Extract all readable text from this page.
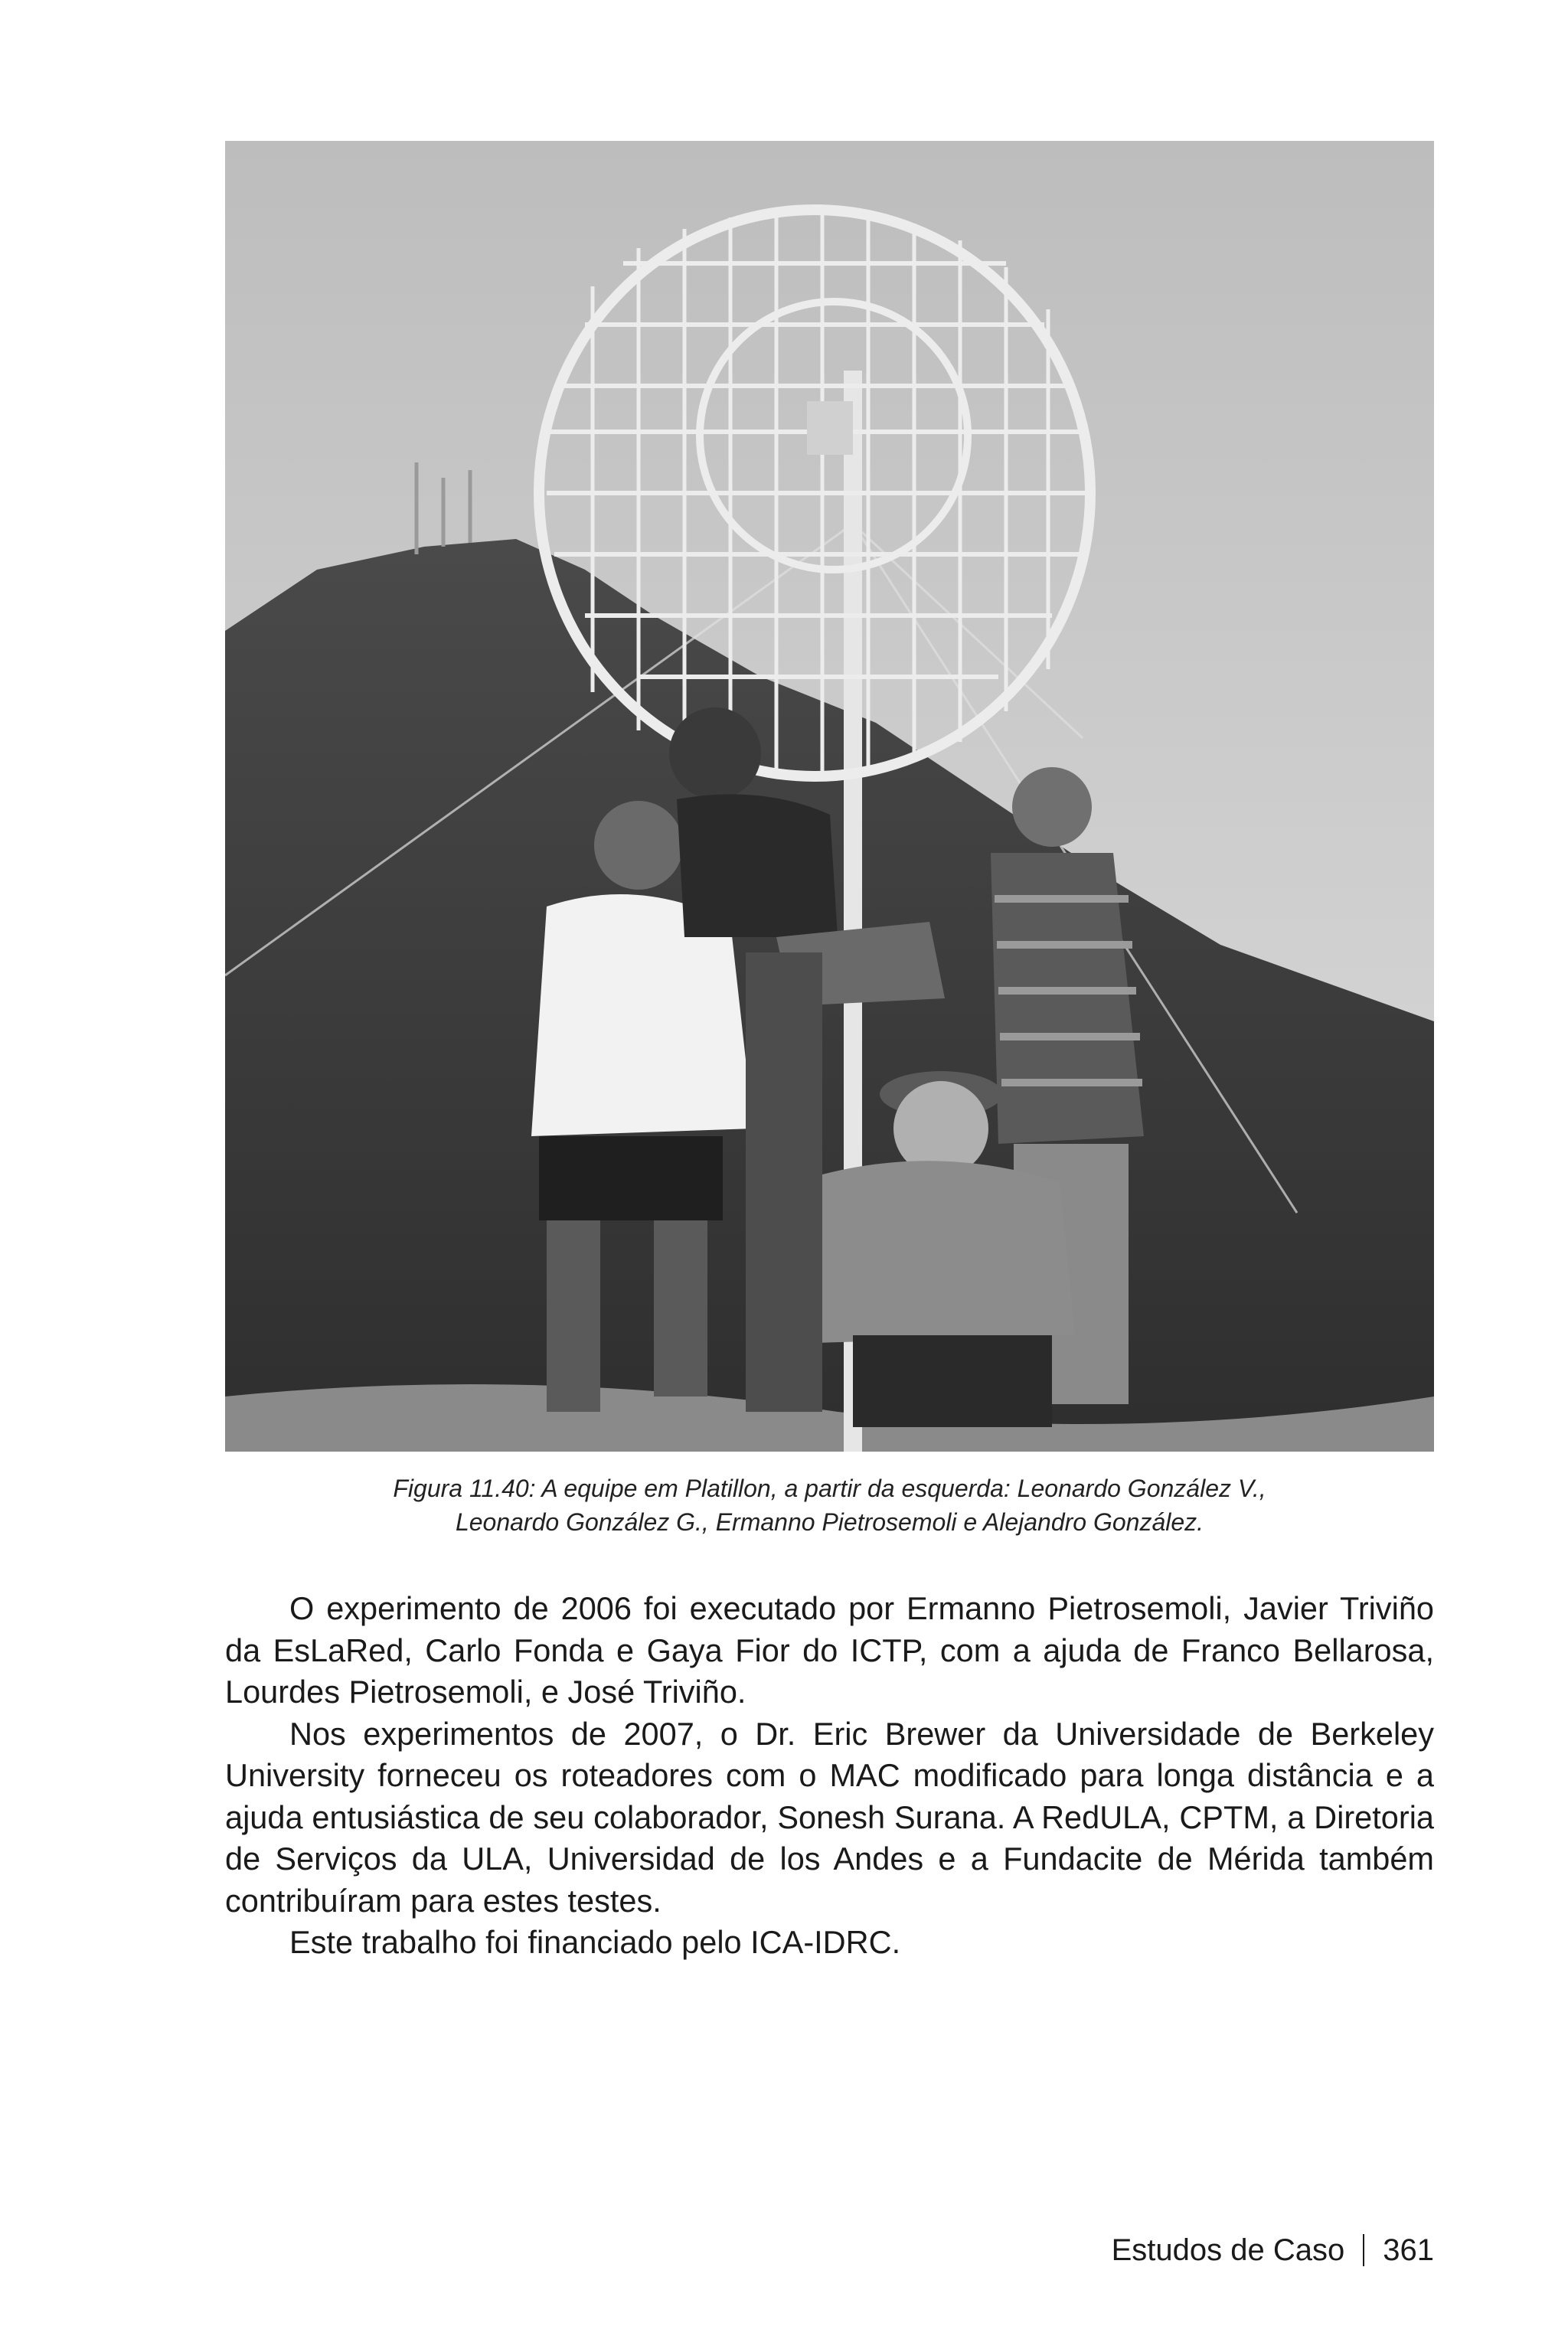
Figura 11.40: A equipe em Platillon, a partir da esquerda: Leonardo González V.,
Leonardo González G., Ermanno Pietrosemoli e Alejandro González.

O experimento de 2006 foi executado por Ermanno Pietrosemoli, Javier Triviño da EsLaRed, Carlo Fonda e Gaya Fior do ICTP, com a ajuda de Franco Bellarosa, Lourdes Pietrosemoli, e José Triviño.

Nos experimentos de 2007, o Dr. Eric Brewer da Universidade de Berkeley University forneceu os roteadores com o MAC modificado para longa distância e a ajuda entusiástica de seu colaborador, Sonesh Surana. A RedULA, CPTM, a Diretoria de Serviços da ULA, Universidad de los Andes e a Fundacite de Mérida também contribuíram para estes testes.

Este trabalho foi financiado pelo ICA-IDRC.

Estudos de Caso 361
